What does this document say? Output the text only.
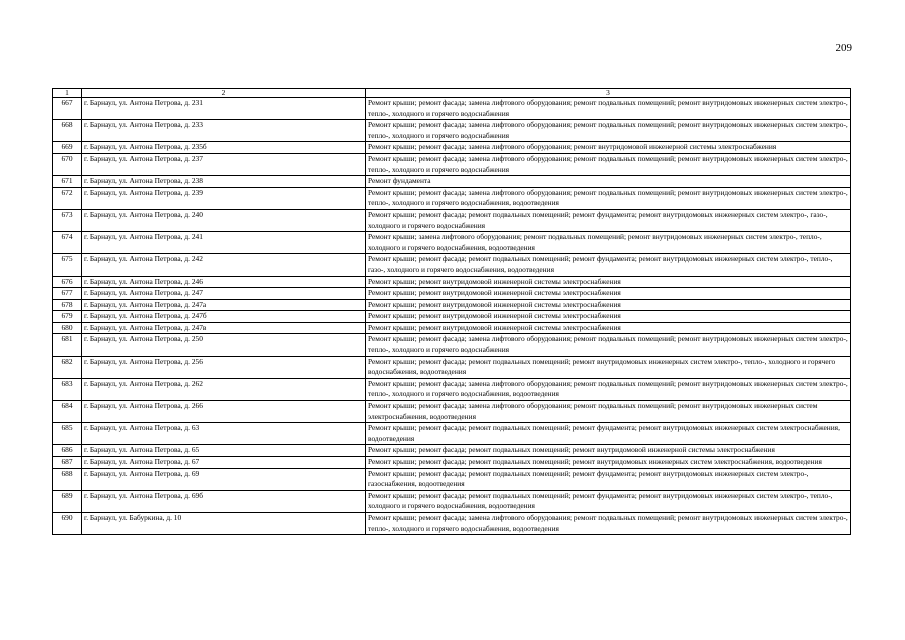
209
1	2	3
667	г. Барнаул, ул. Антона Петрова, д. 231	Ремонт крыши; ремонт фасада; замена лифтового оборудования; ремонт подвальных помещений; ремонт внутридомовых инженерных систем электро-, тепло-, холодного и горячего водоснабжения
668	г. Барнаул, ул. Антона Петрова, д. 233	Ремонт крыши; ремонт фасада; замена лифтового оборудования; ремонт подвальных помещений; ремонт внутридомовых инженерных систем электро-, тепло-, холодного и горячего водоснабжения
669	г. Барнаул, ул. Антона Петрова, д. 235б	Ремонт крыши; ремонт фасада; замена лифтового оборудования; ремонт внутридомовой инженерной системы электроснабжения
670	г. Барнаул, ул. Антона Петрова, д. 237	Ремонт крыши; ремонт фасада; замена лифтового оборудования; ремонт подвальных помещений; ремонт внутридомовых инженерных систем электро-, тепло-, холодного и горячего водоснабжения
671	г. Барнаул, ул. Антона Петрова, д. 238	Ремонт фундамента
672	г. Барнаул, ул. Антона Петрова, д. 239	Ремонт крыши; ремонт фасада; замена лифтового оборудования; ремонт подвальных помещений; ремонт внутридомовых инженерных систем электро-, тепло-, холодного и горячего водоснабжения, водоотведения
673	г. Барнаул, ул. Антона Петрова, д. 240	Ремонт крыши; ремонт фасада; ремонт подвальных помещений; ремонт фундамента; ремонт внутридомовых инженерных систем электро-, газо-, холодного и горячего водоснабжения
674	г. Барнаул, ул. Антона Петрова, д. 241	Ремонт крыши; замена лифтового оборудования; ремонт подвальных помещений; ремонт внутридомовых инженерных систем электро-, тепло-, холодного и горячего водоснабжения, водоотведения
675	г. Барнаул, ул. Антона Петрова, д. 242	Ремонт крыши; ремонт фасада; ремонт подвальных помещений; ремонт фундамента; ремонт внутридомовых инженерных систем электро-, тепло-, газо-, холодного и горячего водоснабжения, водоотведения
676	г. Барнаул, ул. Антона Петрова, д. 246	Ремонт крыши; ремонт внутридомовой инженерной системы электроснабжения
677	г. Барнаул, ул. Антона Петрова, д. 247	Ремонт крыши; ремонт внутридомовой инженерной системы электроснабжения
678	г. Барнаул, ул. Антона Петрова, д. 247а	Ремонт крыши; ремонт внутридомовой инженерной системы электроснабжения
679	г. Барнаул, ул. Антона Петрова, д. 247б	Ремонт крыши; ремонт внутридомовой инженерной системы электроснабжения
680	г. Барнаул, ул. Антона Петрова, д. 247в	Ремонт крыши; ремонт внутридомовой инженерной системы электроснабжения
681	г. Барнаул, ул. Антона Петрова, д. 250	Ремонт крыши; ремонт фасада; замена лифтового оборудования; ремонт подвальных помещений; ремонт внутридомовых инженерных систем электро-, тепло-, холодного и горячего водоснабжения
682	г. Барнаул, ул. Антона Петрова, д. 256	Ремонт крыши; ремонт фасада; ремонт подвальных помещений; ремонт внутридомовых инженерных систем электро-, тепло-, холодного и горячего водоснабжения, водоотведения
683	г. Барнаул, ул. Антона Петрова, д. 262	Ремонт крыши; ремонт фасада; замена лифтового оборудования; ремонт подвальных помещений; ремонт внутридомовых инженерных систем электро-, тепло-, холодного и горячего водоснабжения, водоотведения
684	г. Барнаул, ул. Антона Петрова, д. 266	Ремонт крыши; ремонт фасада; замена лифтового оборудования; ремонт подвальных помещений; ремонт внутридомовых инженерных систем электроснабжения, водоотведения
685	г. Барнаул, ул. Антона Петрова, д. 63	Ремонт крыши; ремонт фасада; ремонт подвальных помещений; ремонт фундамента; ремонт внутридомовых инженерных систем электроснабжения, водоотведения
686	г. Барнаул, ул. Антона Петрова, д. 65	Ремонт крыши; ремонт фасада; ремонт подвальных помещений; ремонт внутридомовой инженерной системы электроснабжения
687	г. Барнаул, ул. Антона Петрова, д. 67	Ремонт крыши; ремонт фасада; ремонт подвальных помещений; ремонт внутридомовых инженерных систем электроснабжения, водоотведения
688	г. Барнаул, ул. Антона Петрова, д. 69	Ремонт крыши; ремонт фасада; ремонт подвальных помещений; ремонт фундамента; ремонт внутридомовых инженерных систем электро-, газоснабжения, водоотведения
689	г. Барнаул, ул. Антона Петрова, д. 69б	Ремонт крыши; ремонт фасада; ремонт подвальных помещений; ремонт фундамента; ремонт внутридомовых инженерных систем электро-, тепло-, холодного и горячего водоснабжения, водоотведения
690	г. Барнаул, ул. Бабуркина, д. 10	Ремонт крыши; ремонт фасада; замена лифтового оборудования; ремонт подвальных помещений; ремонт внутридомовых инженерных систем электро-, тепло-, холодного и горячего водоснабжения, водоотведения
